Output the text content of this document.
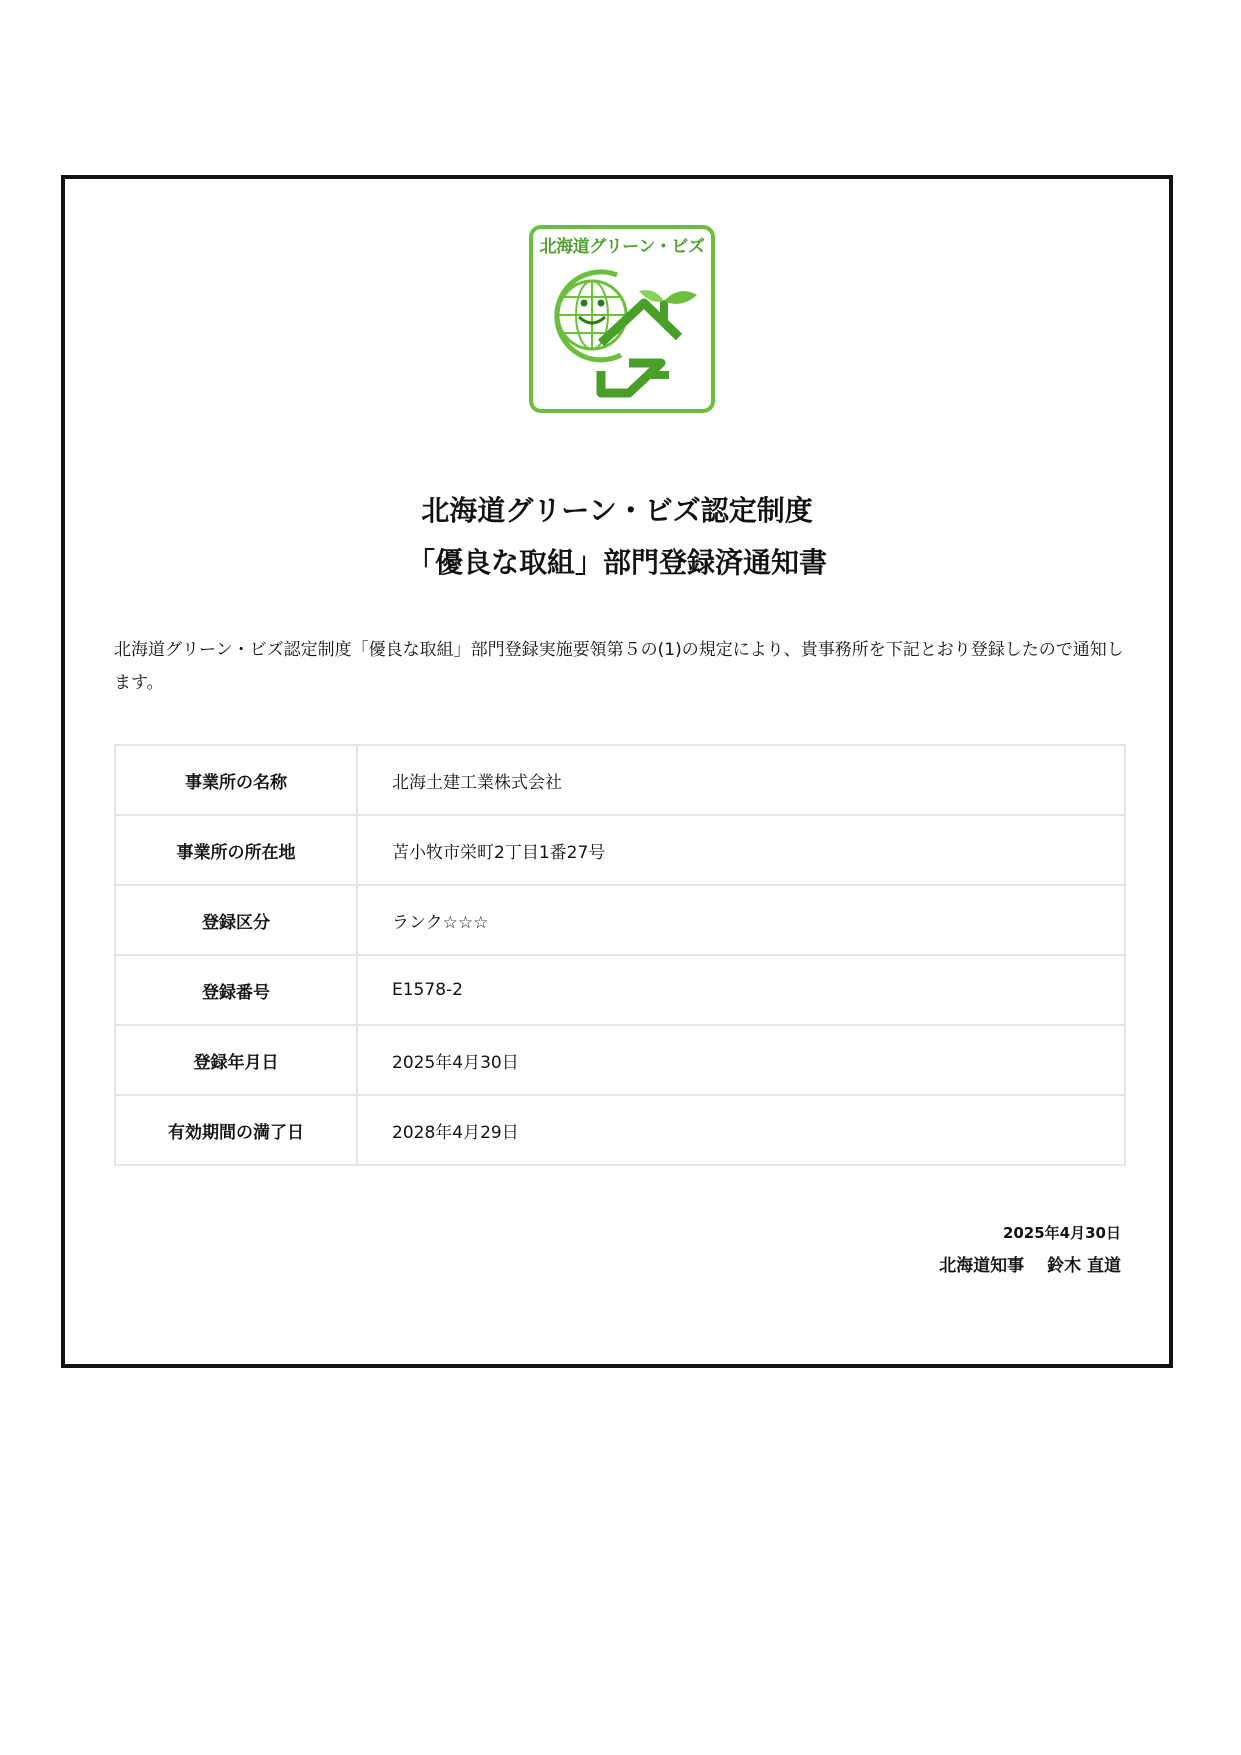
北海道グリーン・ビズ
北海道グリーン・ビズ認定制度
「優良な取組」部門登録済通知書
北海道グリーン・ビズ認定制度「優良な取組」部門登録実施要領第５の(1)の規定により、貴事務所を下記とおり登録したので通知します。
事業所の名称	北海土建工業株式会社
事業所の所在地	苫小牧市栄町2丁目1番27号
登録区分	ランク☆☆☆
登録番号	E1578-2
登録年月日	2025年4月30日
有効期間の満了日	2028年4月29日
2025年4月30日
北海道知事　 鈴木 直道
